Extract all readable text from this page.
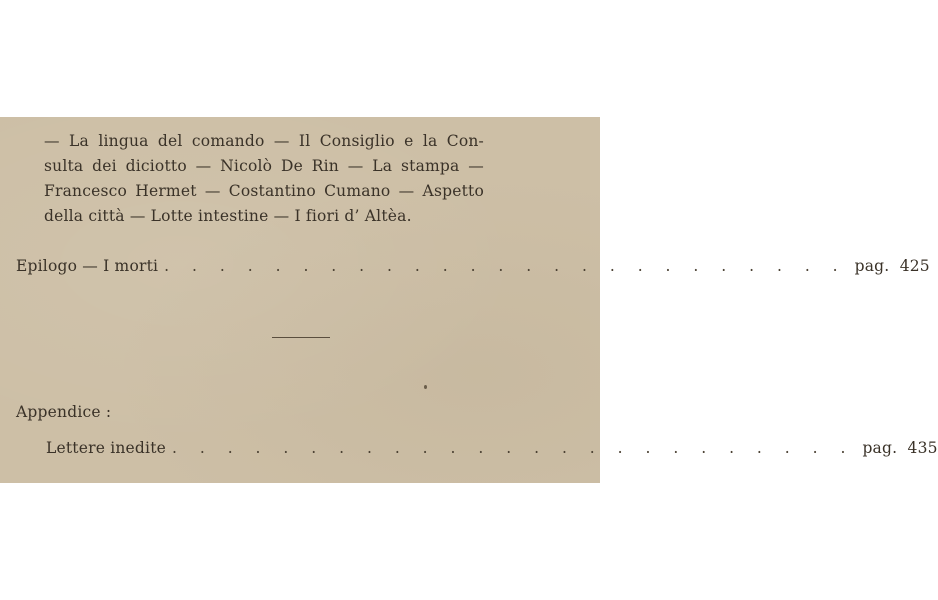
— La lingua del comando — Il Consiglio e la Con-
sulta dei diciotto — Nicolò De Rin — La stampa —
Francesco Hermet — Costantino Cumano — Aspetto
della città — Lotte intestine — I fiori d’ Altèa.
Epilogo — I morti . . . . . . . . . . . . . . . . . . . . . . . . . pag. 425
Appendice :
Lettere inedite . . . . . . . . . . . . . . . . . . . . . . . . . pag. 435
